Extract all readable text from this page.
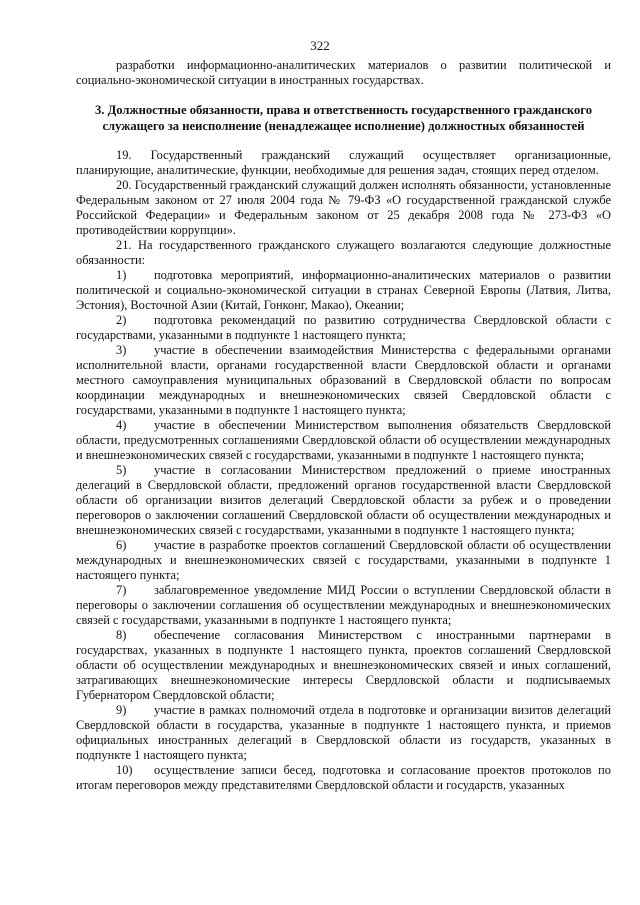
322

разработки информационно-аналитических материалов о развитии политической и социально-экономической ситуации в иностранных государствах.

3. Должностные обязанности, права и ответственность государственного гражданского служащего за неисполнение (ненадлежащее исполнение) должностных обязанностей

19. Государственный гражданский служащий осуществляет организационные, планирующие, аналитические, функции, необходимые для решения задач, стоящих перед отделом.

20. Государственный гражданский служащий должен исполнять обязанности, установленные Федеральным законом от 27 июля 2004 года № 79-ФЗ «О государственной гражданской службе Российской Федерации» и Федеральным законом от 25 декабря 2008 года № 273-ФЗ «О противодействии коррупции».

21. На государственного гражданского служащего возлагаются следующие должностные обязанности:

1) подготовка мероприятий, информационно-аналитических материалов о развитии политической и социально-экономической ситуации в странах Северной Европы (Латвия, Литва, Эстония), Восточной Азии (Китай, Гонконг, Макао), Океании;

2) подготовка рекомендаций по развитию сотрудничества Свердловской области с государствами, указанными в подпункте 1 настоящего пункта;

3) участие в обеспечении взаимодействия Министерства с федеральными органами исполнительной власти, органами государственной власти Свердловской области и органами местного самоуправления муниципальных образований в Свердловской области по вопросам координации международных и внешнеэкономических связей Свердловской области с государствами, указанными в подпункте 1 настоящего пункта;

4) участие в обеспечении Министерством выполнения обязательств Свердловской области, предусмотренных соглашениями Свердловской области об осуществлении международных и внешнеэкономических связей с государствами, указанными в подпункте 1 настоящего пункта;

5) участие в согласовании Министерством предложений о приеме иностранных делегаций в Свердловской области, предложений органов государственной власти Свердловской области об организации визитов делегаций Свердловской области за рубеж и о проведении переговоров о заключении соглашений Свердловской области об осуществлении международных и внешнеэкономических связей с государствами, указанными в подпункте 1 настоящего пункта;

6) участие в разработке проектов соглашений Свердловской области об осуществлении международных и внешнеэкономических связей с государствами, указанными в подпункте 1 настоящего пункта;

7) заблаговременное уведомление МИД России о вступлении Свердловской области в переговоры о заключении соглашения об осуществлении международных и внешнеэкономических связей с государствами, указанными в подпункте 1 настоящего пункта;

8) обеспечение согласования Министерством с иностранными партнерами в государствах, указанных в подпункте 1 настоящего пункта, проектов соглашений Свердловской области об осуществлении международных и внешнеэкономических связей и иных соглашений, затрагивающих внешнеэкономические интересы Свердловской области и подписываемых Губернатором Свердловской области;

9) участие в рамках полномочий отдела в подготовке и организации визитов делегаций Свердловской области в государства, указанные в подпункте 1 настоящего пункта, и приемов официальных иностранных делегаций в Свердловской области из государств, указанных в подпункте 1 настоящего пункта;

10) осуществление записи бесед, подготовка и согласование проектов протоколов по итогам переговоров между представителями Свердловской области и государств, указанных
